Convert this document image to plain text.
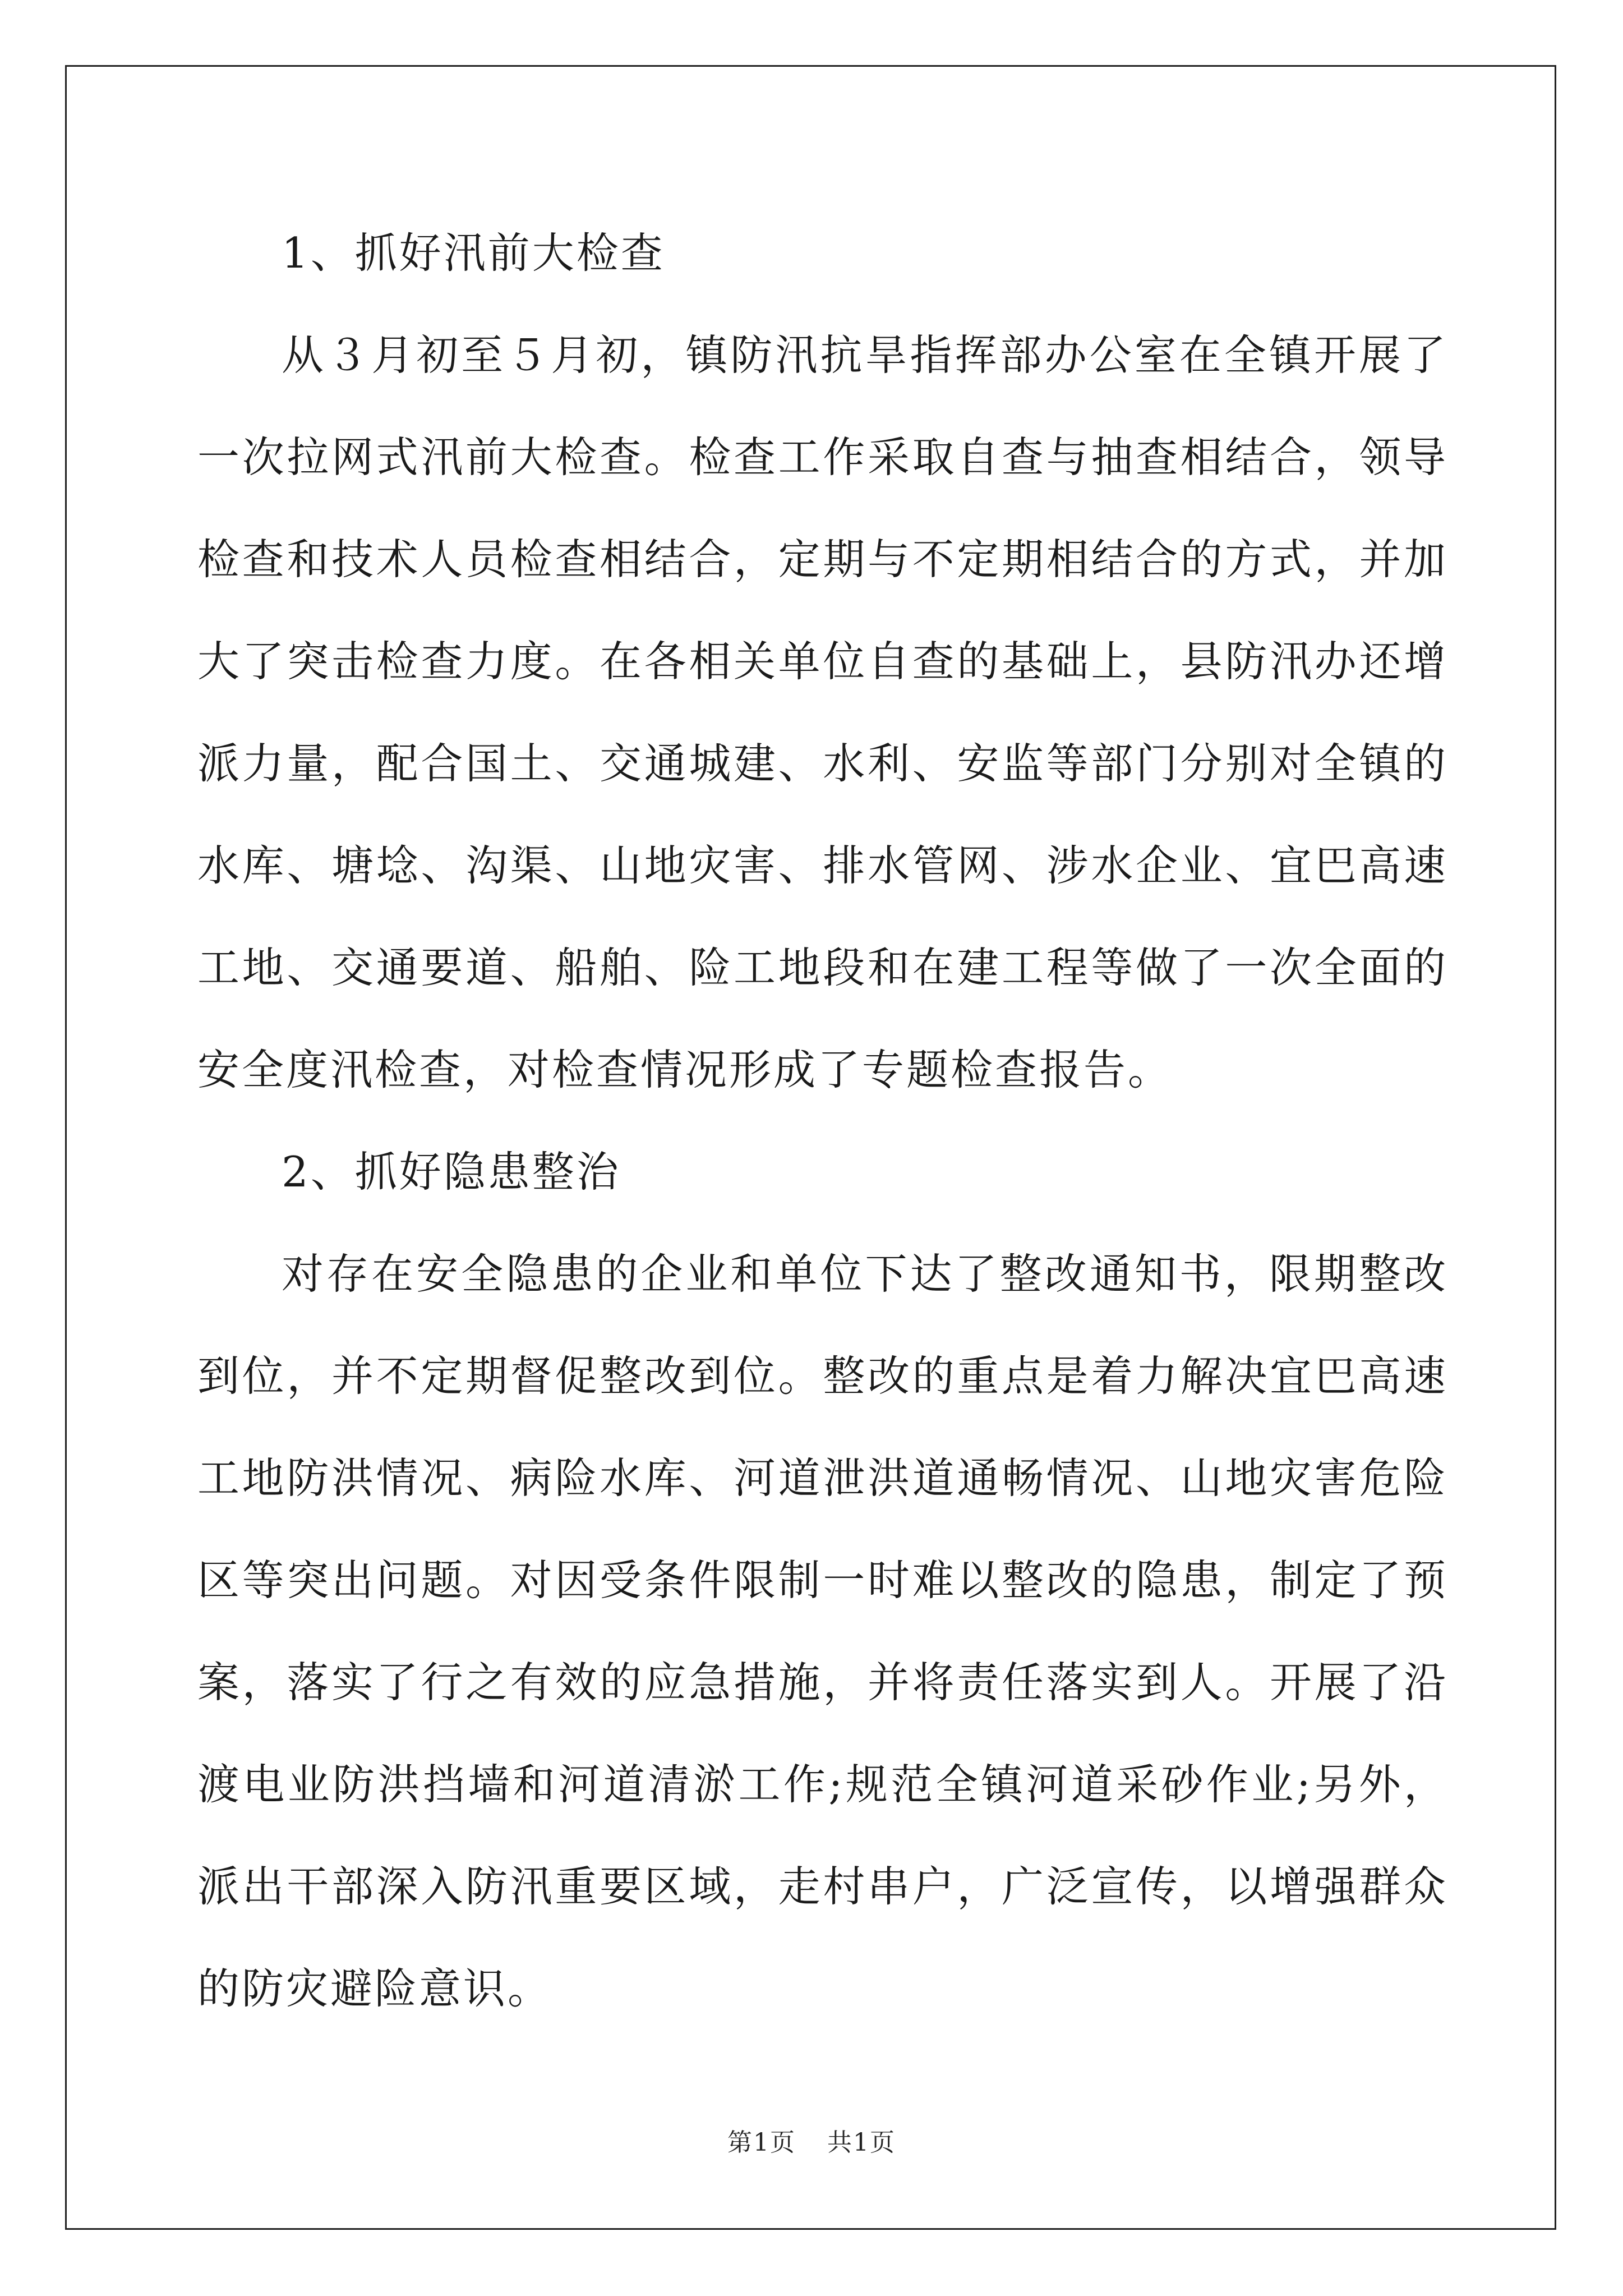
1、抓好汛前大检查

从３月初至５月初，镇防汛抗旱指挥部办公室在全镇开展了一次拉网式汛前大检查。检查工作采取自查与抽查相结合，领导检查和技术人员检查相结合，定期与不定期相结合的方式，并加大了突击检查力度。在各相关单位自查的基础上，县防汛办还增派力量，配合国土、交通城建、水利、安监等部门分别对全镇的水库、塘埝、沟渠、山地灾害、排水管网、涉水企业、宜巴高速工地、交通要道、船舶、险工地段和在建工程等做了一次全面的安全度汛检查，对检查情况形成了专题检查报告。

2、抓好隐患整治

对存在安全隐患的企业和单位下达了整改通知书，限期整改到位，并不定期督促整改到位。整改的重点是着力解决宜巴高速工地防洪情况、病险水库、河道泄洪道通畅情况、山地灾害危险区等突出问题。对因受条件限制一时难以整改的隐患，制定了预案，落实了行之有效的应急措施，并将责任落实到人。开展了沿渡电业防洪挡墙和河道清淤工作;规范全镇河道采砂作业;另外，派出干部深入防汛重要区域，走村串户，广泛宣传，以增强群众的防灾避险意识。

第1页 共1页
